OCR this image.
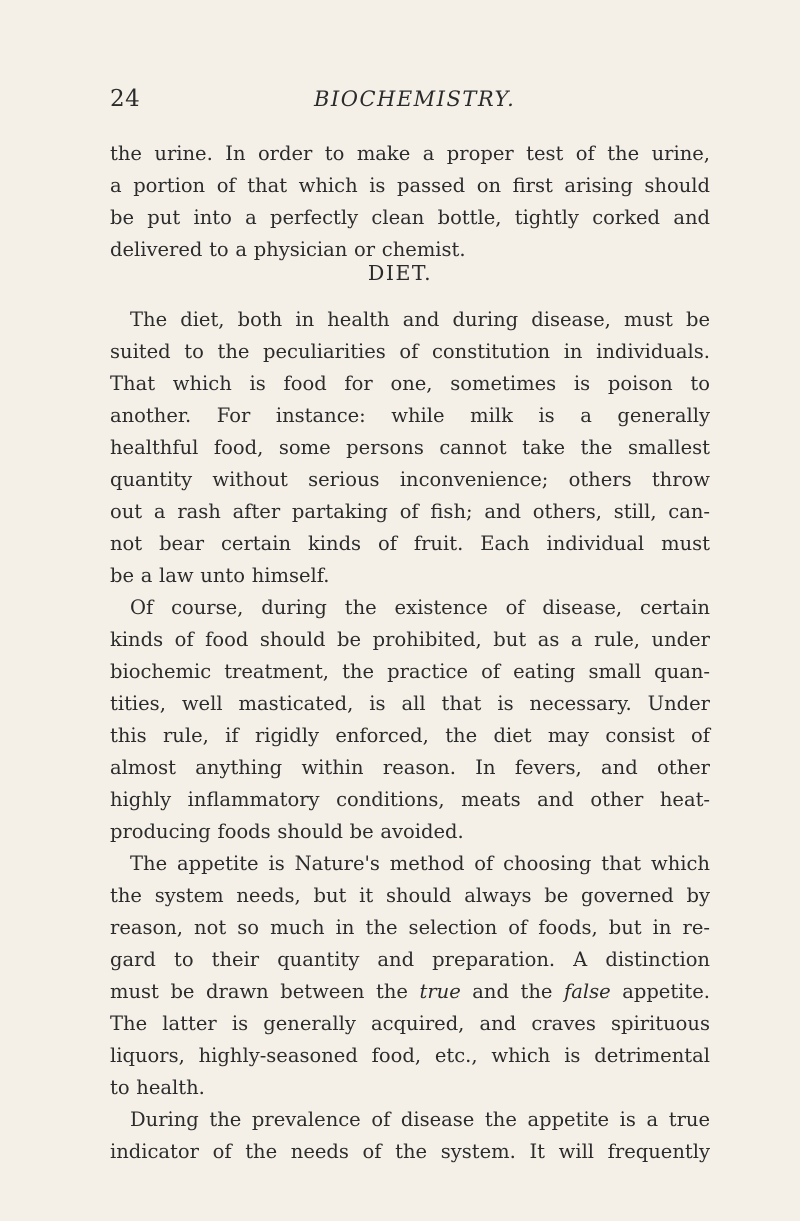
24	BIOCHEMISTRY.
the urine. In order to make a proper test of the urine,
a portion of that which is passed on first arising should
be put into a perfectly clean bottle, tightly corked and
delivered to a physician or chemist.
DIET.
The diet, both in health and during disease, must be
suited to the peculiarities of constitution in individuals.
That which is food for one, sometimes is poison to
another. For instance: while milk is a generally
healthful food, some persons cannot take the smallest
quantity without serious inconvenience; others throw
out a rash after partaking of fish; and others, still, can-
not bear certain kinds of fruit. Each individual must
be a law unto himself.
Of course, during the existence of disease, certain
kinds of food should be prohibited, but as a rule, under
biochemic treatment, the practice of eating small quan-
tities, well masticated, is all that is necessary. Under
this rule, if rigidly enforced, the diet may consist of
almost anything within reason. In fevers, and other
highly inflammatory conditions, meats and other heat-
producing foods should be avoided.
The appetite is Nature's method of choosing that which
the system needs, but it should always be governed by
reason, not so much in the selection of foods, but in re-
gard to their quantity and preparation. A distinction
must be drawn between the true and the false appetite.
The latter is generally acquired, and craves spirituous
liquors, highly-seasoned food, etc., which is detrimental
to health.
During the prevalence of disease the appetite is a true
indicator of the needs of the system. It will frequently
